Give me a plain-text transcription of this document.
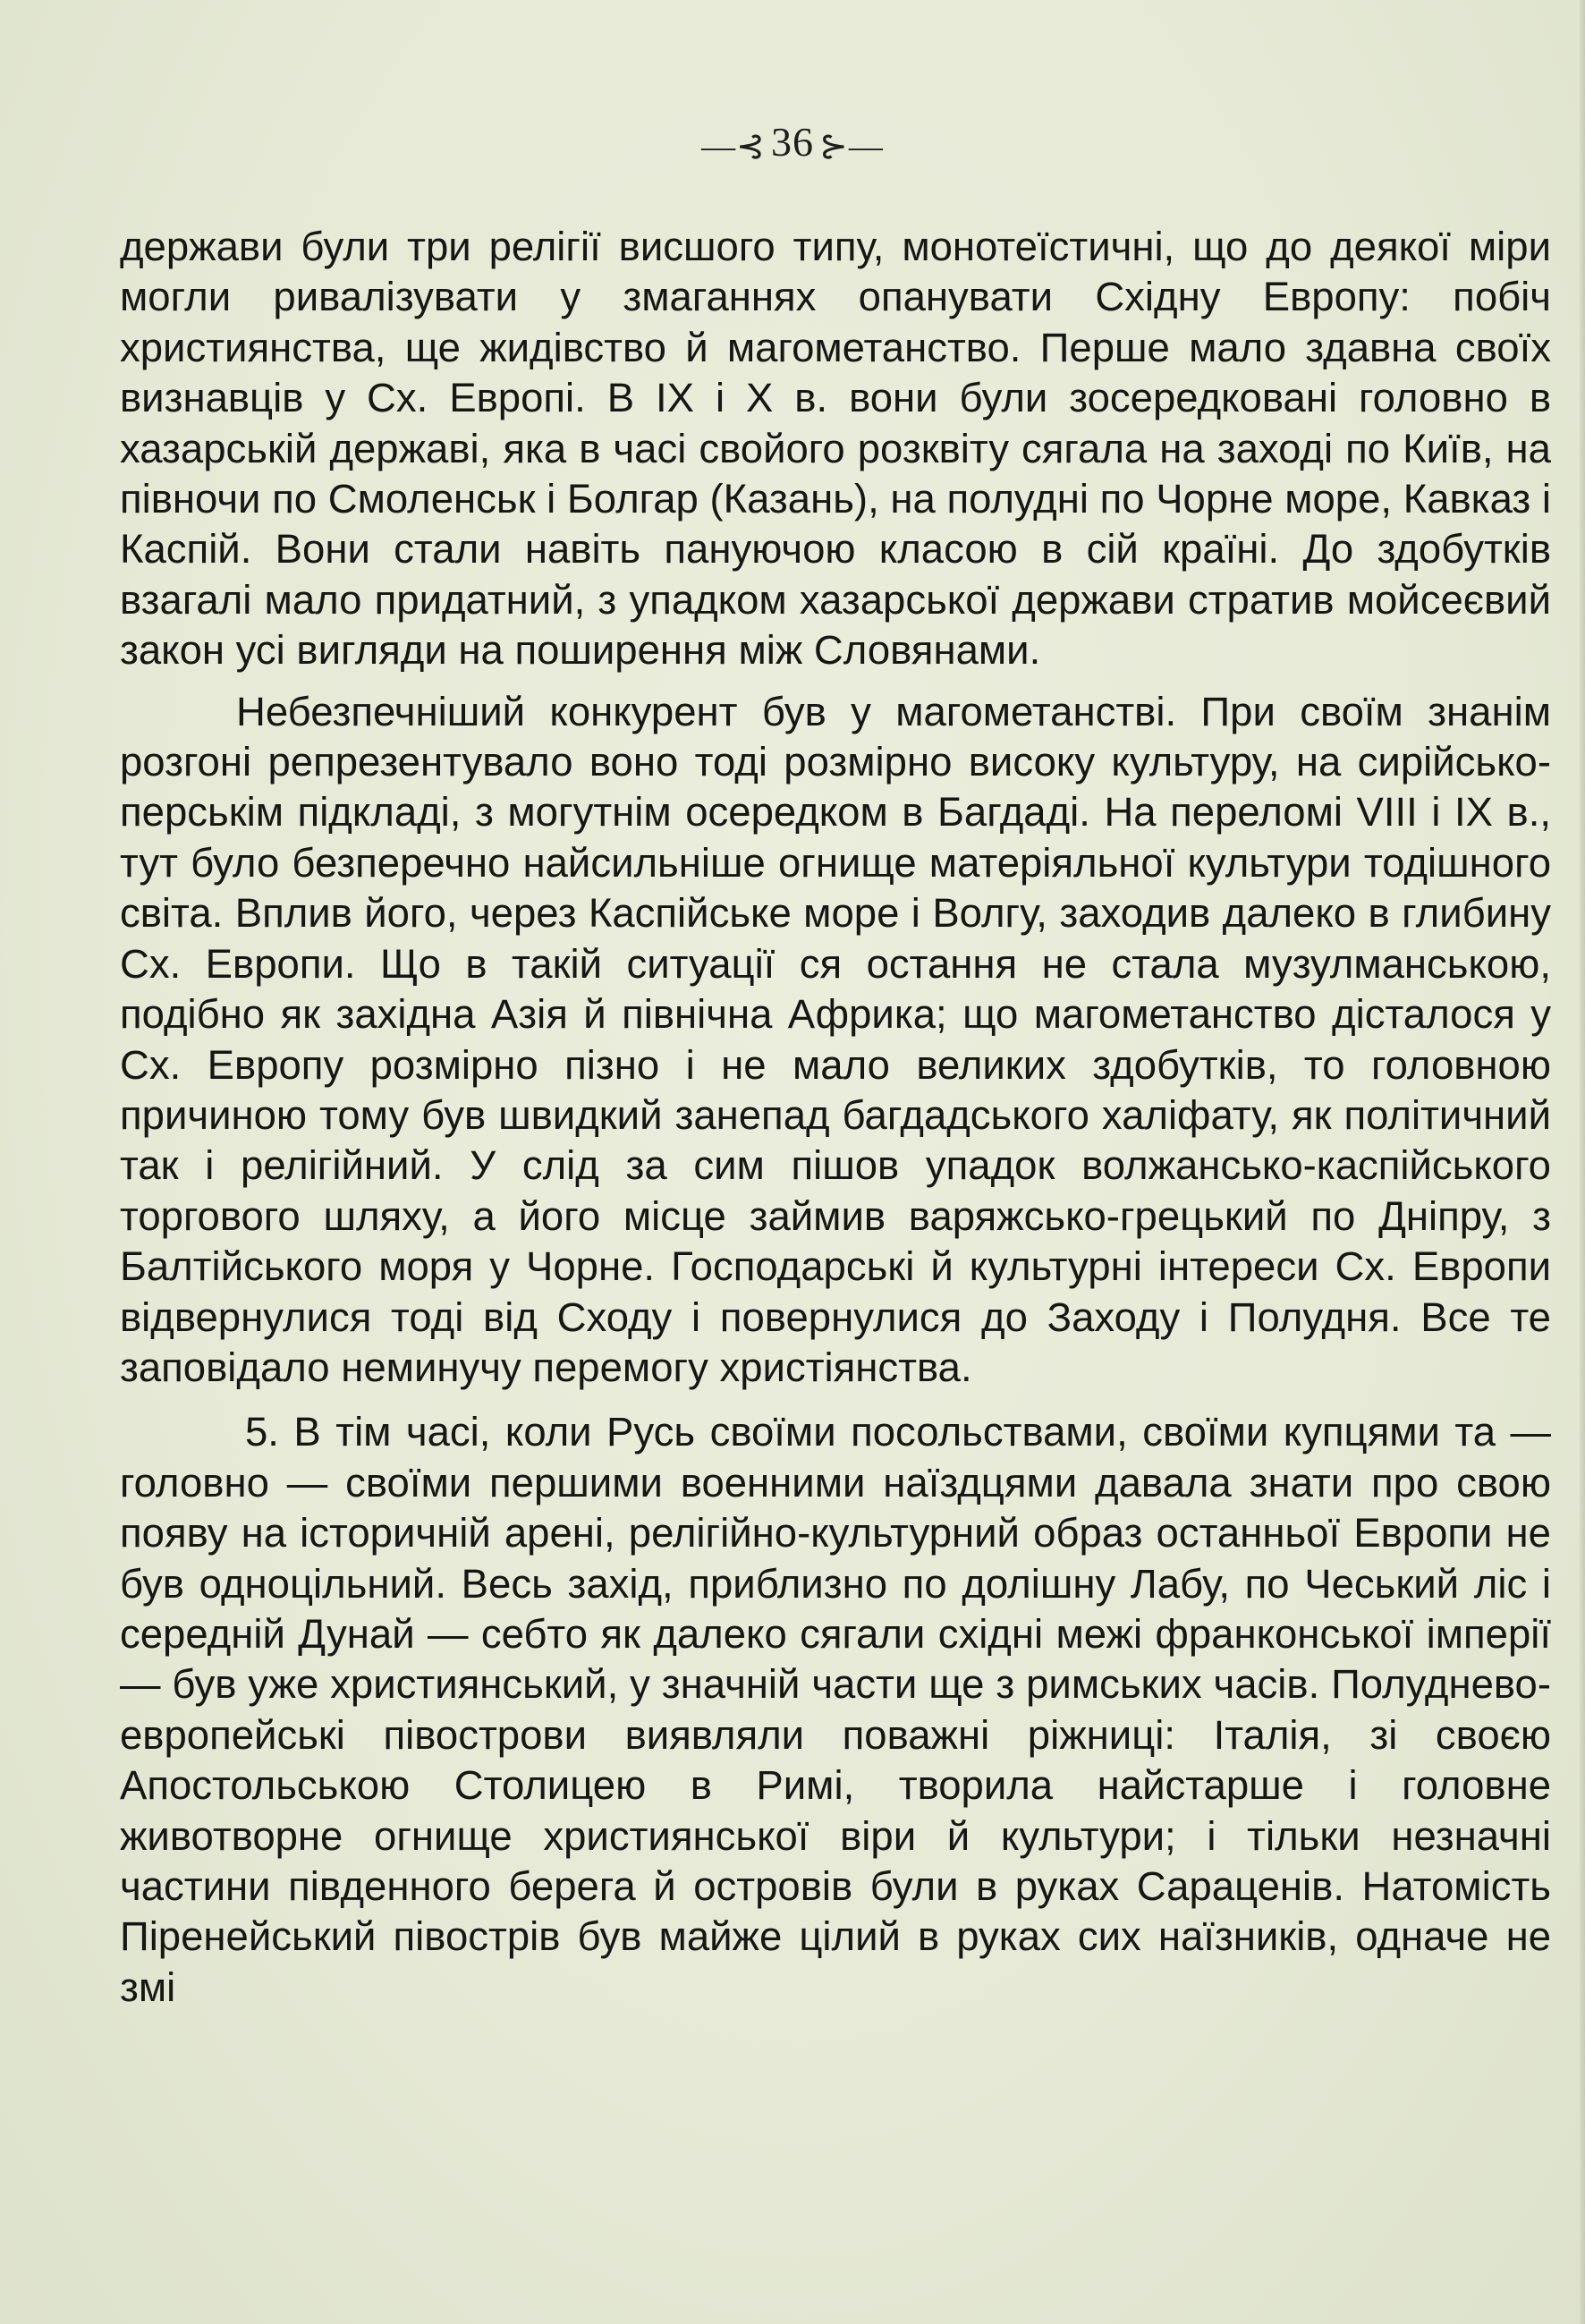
—⊰ 36 ⊱—

держави були три релігії висшого типу, монотеїстичні, що до деякої міри могли ривалізувати у змаганнях опанувати Східну Европу: побіч християнства, ще жидівство й магометанство. Перше мало здавна своїх визнавців у Сх. Европі. В IX і X в. вони були зосередковані головно в хазарській державі, яка в часі свойого розквіту сягала на заході по Київ, на півночи по Смоленськ і Болгар (Казань), на полудні по Чорне море, Кавказ і Каспій. Вони стали навіть пануючою класою в сій країні. До здобутків взагалі мало придатний, з упадком хазарської держави стратив мойсеєвий закон усі вигляди на поширення між Словянами.

Небезпечніший конкурент був у магометанстві. При своїм знанім розгоні репрезентувало воно тоді розмірно високу культуру, на сирійсько-перськім підкладі, з могутнім осередком в Багдаді. На переломі VIII і IX в., тут було безперечно найсильніше огнище матеріяльної культури тодішного світа. Вплив його, через Каспійське море і Волгу, заходив далеко в глибину Сх. Европи. Що в такій ситуації ся остання не стала музулманською, подібно як західна Азія й північна Африка; що магометанство дісталося у Сх. Европу розмірно пізно і не мало великих здобутків, то головною причиною тому був швидкий занепад багдадського халіфату, як політичний так і релігійний. У слід за сим пішов упадок волжансько-каспійського торгового шляху, а його місце займив варяжсько-грецький по Дніпру, з Балтійського моря у Чорне. Господарські й культурні інтереси Сх. Европи відвернулися тоді від Сходу і повернулися до Заходу і Полудня. Все те заповідало неминучу перемогу христіянства.

5. В тім часі, коли Русь своїми посольствами, своїми купцями та — головно — своїми першими военними наїздцями давала знати про свою появу на історичній арені, релігійно-культурний образ останньої Европи не був одноцільний. Весь захід, приблизно по долішну Лабу, по Чеський ліс і середній Дунай — себто як далеко сягали східні межі франконської імперії — був уже християнський, у значній части ще з римських часів. Полуднево-европейські півострови виявляли поважні ріжниці: Італія, зі своєю Апостольською Столицею в Римі, творила найстарше і головне животворне огнище християнської віри й культури; і тільки незначні частини південного берега й островів були в руках Сараценів. Натомість Піренейський півострів був майже цілий в руках сих наїзників, одначе не змі
